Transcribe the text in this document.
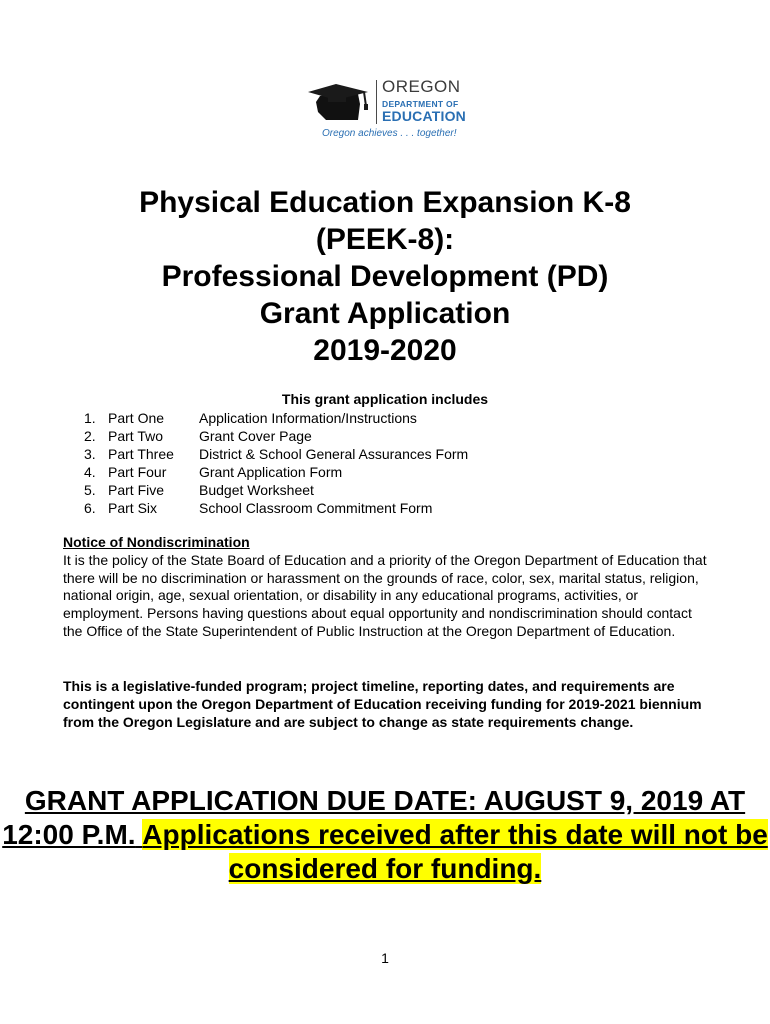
OREGON
DEPARTMENT OF
EDUCATION
Oregon achieves . . . together!
Physical Education Expansion K-8
(PEEK-8):
Professional Development (PD)
Grant Application
2019-2020
This grant application includes
1. Part One	Application Information/Instructions
2. Part Two	Grant Cover Page
3. Part Three	District & School General Assurances Form
4. Part Four	Grant Application Form
5. Part Five	Budget Worksheet
6. Part Six	School Classroom Commitment Form
Notice of Nondiscrimination

It is the policy of the State Board of Education and a priority of the Oregon Department of Education that there will be no discrimination or harassment on the grounds of race, color, sex, marital status, religion, national origin, age, sexual orientation, or disability in any educational programs, activities, or employment. Persons having questions about equal opportunity and nondiscrimination should contact the Office of the State Superintendent of Public Instruction at the Oregon Department of Education.

This is a legislative-funded program; project timeline, reporting dates, and requirements are contingent upon the Oregon Department of Education receiving funding for 2019-2021 biennium from the Oregon Legislature and are subject to change as state requirements change.
GRANT APPLICATION DUE DATE: AUGUST 9, 2019 AT 12:00 P.M. Applications received after this date will not be considered for funding.
1
